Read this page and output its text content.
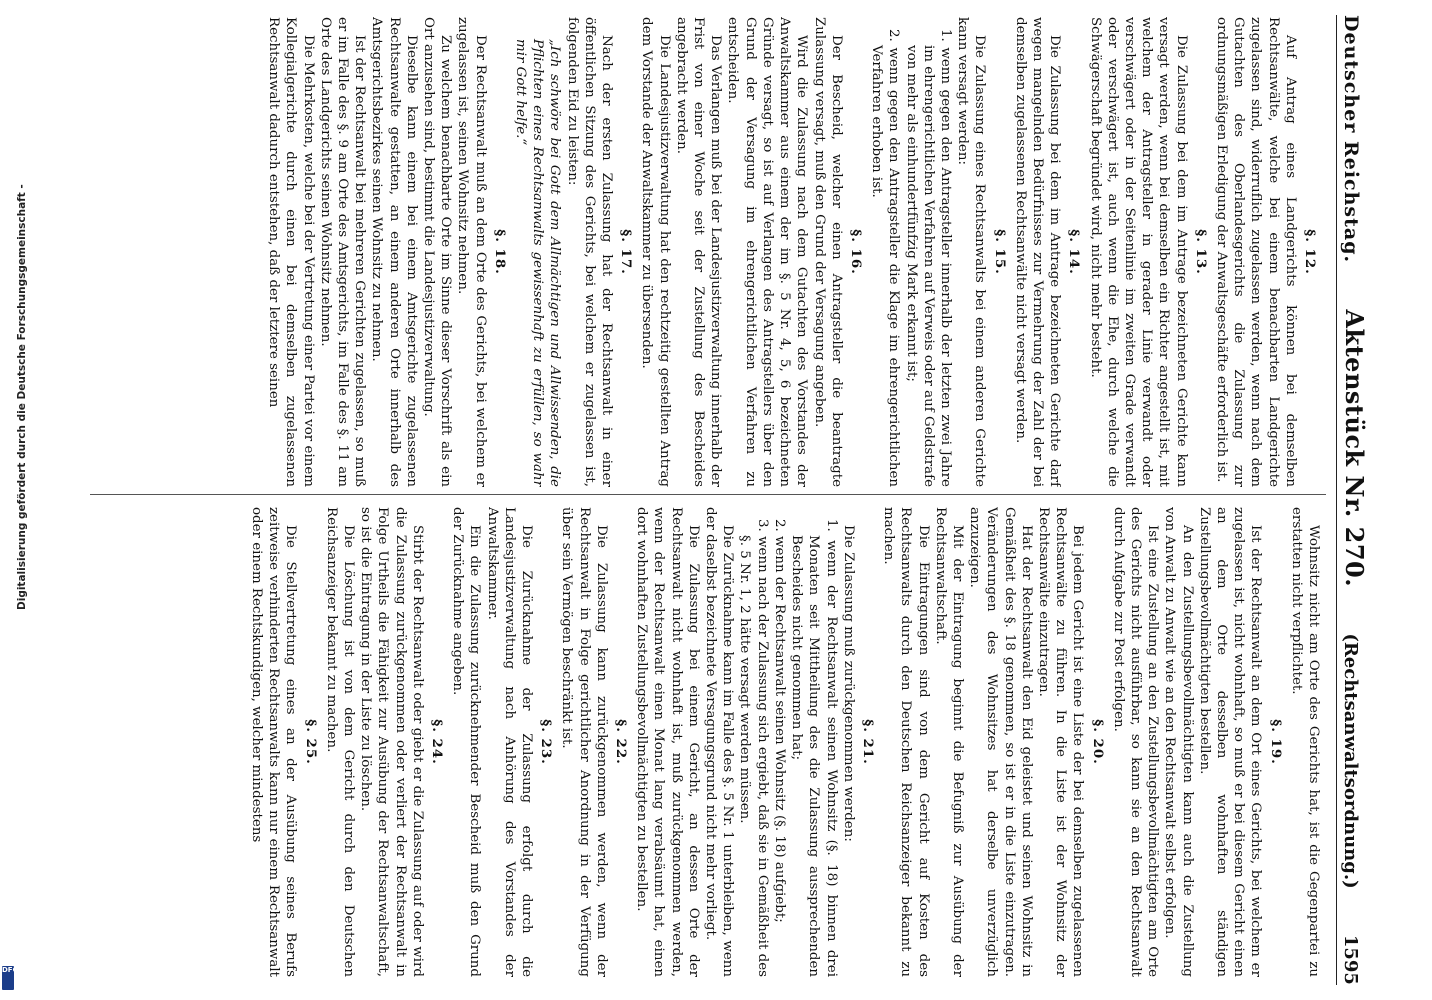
Deutscher Reichstag.
Aktenstück Nr. 270.
(Rechtsanwaltsordnung.)
1595

§. 12.

Auf Antrag eines Landgerichts können bei demselben Rechtsanwälte, welche bei einem benachbarten Landgerichte zugelassen sind, widerruflich zugelassen werden, wenn nach dem Gutachten des Oberlandesgerichts die Zulassung zur ordnungsmäßigen Erledigung der Anwaltsgeschäfte erforderlich ist.

§. 13.

Die Zulassung bei dem im Antrage bezeichneten Gerichte kann versagt werden, wenn bei demselben ein Richter angestellt ist, mit welchem der Antragsteller in gerader Linie verwandt oder verschwägert oder in der Seitenlinie im zweiten Grade verwandt oder verschwägert ist, auch wenn die Ehe, durch welche die Schwägerschaft begründet wird, nicht mehr besteht.

§. 14.

Die Zulassung bei dem im Antrage bezeichneten Gerichte darf wegen mangelnden Bedürfnisses zur Vermehrung der Zahl der bei demselben zugelassenen Rechtsanwälte nicht versagt werden.

§. 15.

Die Zulassung eines Rechtsanwalts bei einem anderen Gerichte kann versagt werden:

1. wenn gegen den Antragsteller innerhalb der letzten zwei Jahre im ehrengerichtlichen Verfahren auf Verweis oder auf Geldstrafe von mehr als einhundertfünfzig Mark erkannt ist;

2. wenn gegen den Antragsteller die Klage im ehrengerichtlichen Verfahren erhoben ist.

§. 16.

Der Bescheid, welcher einen Antragsteller die beantragte Zulassung versagt, muß den Grund der Versagung angeben.

Wird die Zulassung nach dem Gutachten des Vorstandes der Anwaltskammer aus einem der im §. 5 Nr. 4, 5, 6 bezeichneten Gründe versagt, so ist auf Verlangen des Antragstellers über den Grund der Versagung im ehrengerichtlichen Verfahren zu entscheiden.

Das Verlangen muß bei der Landesjustizverwaltung innerhalb der Frist von einer Woche seit der Zustellung des Bescheides angebracht werden.

Die Landesjustizverwaltung hat den rechtzeitig gestellten Antrag dem Vorstande der Anwaltskammer zu übersenden.

§. 17.

Nach der ersten Zulassung hat der Rechtsanwalt in einer öffentlichen Sitzung des Gerichts, bei welchem er zugelassen ist, folgenden Eid zu leisten:

„Ich schwöre bei Gott dem Allmächtigen und Allwissenden, die Pflichten eines Rechtsanwalts gewissenhaft zu erfüllen, so wahr mir Gott helfe.“

§. 18.

Der Rechtsanwalt muß an dem Orte des Gerichts, bei welchem er zugelassen ist, seinen Wohnsitz nehmen.

Zu welchem benachbarte Orte im Sinne dieser Vorschrift als ein Ort anzusehen sind, bestimmt die Landesjustizverwaltung.

Dieselbe kann einem bei einem Amtsgerichte zugelassenen Rechtsanwalte gestatten, an einem anderen Orte innerhalb des Amtsgerichtsbezirkes seinen Wohnsitz zu nehmen.

Ist der Rechtsanwalt bei mehreren Gerichten zugelassen, so muß er im Falle des §. 9 am Orte des Amtsgerichts, im Falle des §. 11 am Orte des Landgerichts seinen Wohnsitz nehmen.

Die Mehrkosten, welche bei der Vertretung einer Partei vor einem Kollegialgerichte durch einen bei demselben zugelassenen Rechtsanwalt dadurch entstehen, daß der letztere seinen

Wohnsitz nicht am Orte des Gerichts hat, ist die Gegenpartei zu erstatten nicht verpflichtet.

§. 19.

Ist der Rechtsanwalt an dem Ort eines Gerichts, bei welchem er zugelassen ist, nicht wohnhaft, so muß er bei diesem Gericht einen an dem Orte desselben wohnhaften ständigen Zustellungsbevollmächtigten bestellen.

An den Zustellungsbevollmächtigten kann auch die Zustellung von Anwalt zu Anwalt wie an den Rechtsanwalt selbst erfolgen.

Ist eine Zustellung an den Zustellungsbevollmächtigten am Orte des Gerichts nicht ausführbar, so kann sie an den Rechtsanwalt durch Aufgabe zur Post erfolgen.

§. 20.

Bei jedem Gericht ist eine Liste der bei demselben zugelassenen Rechtsanwälte zu führen. In die Liste ist der Wohnsitz der Rechtsanwälte einzutragen.

Hat der Rechtsanwalt den Eid geleistet und seinen Wohnsitz in Gemäßheit des §. 18 genommen, so ist er in die Liste einzutragen. Veränderungen des Wohnsitzes hat derselbe unverzüglich anzuzeigen.

Mit der Eintragung beginnt die Befugniß zur Ausübung der Rechtsanwaltschaft.

Die Eintragungen sind von dem Gericht auf Kosten des Rechtsanwalts durch den Deutschen Reichsanzeiger bekannt zu machen.

§. 21.

Die Zulassung muß zurückgenommen werden:

1. wenn der Rechtsanwalt seinen Wohnsitz (§. 18) binnen drei Monaten seit Mittheilung des die Zulassung aussprechenden Bescheides nicht genommen hat;

2. wenn der Rechtsanwalt seinen Wohnsitz (§. 18) aufgiebt;

3. wenn nach der Zulassung sich ergiebt, daß sie in Gemäßheit des §. 5 Nr. 1, 2 hätte versagt werden müssen.

Die Zurücknahme kann im Falle des §. 5 Nr. 1 unterbleiben, wenn der daselbst bezeichnete Versagungsgrund nicht mehr vorliegt.

Die Zulassung bei einem Gericht, an dessen Orte der Rechtsanwalt nicht wohnhaft ist, muß zurückgenommen werden, wenn der Rechtsanwalt einen Monat lang verabsäumt hat, einen dort wohnhaften Zustellungsbevollmächtigten zu bestellen.

§. 22.

Die Zulassung kann zurückgenommen werden, wenn der Rechtsanwalt in Folge gerichtlicher Anordnung in der Verfügung über sein Vermögen beschränkt ist.

§. 23.

Die Zurücknahme der Zulassung erfolgt durch die Landesjustizverwaltung nach Anhörung des Vorstandes der Anwaltskammer.

Ein die Zulassung zurücknehmender Bescheid muß den Grund der Zurücknahme angeben.

§. 24.

Stirbt der Rechtsanwalt oder giebt er die Zulassung auf oder wird die Zulassung zurückgenommen oder verliert der Rechtsanwalt in Folge Urtheils die Fähigkeit zur Ausübung der Rechtsanwaltschaft, so ist die Eintragung in der Liste zu löschen.

Die Löschung ist von dem Gericht durch den Deutschen Reichsanzeiger bekannt zu machen.

§. 25.

Die Stellvertretung eines an der Ausübung seines Berufs zeitweise verhinderten Rechtsanwalts kann nur einem Rechtsanwalt oder einem Rechtskundigen, welcher mindestens

Digitalisierung gefördert durch die Deutsche Forschungsgemeinschaft -
DFG
